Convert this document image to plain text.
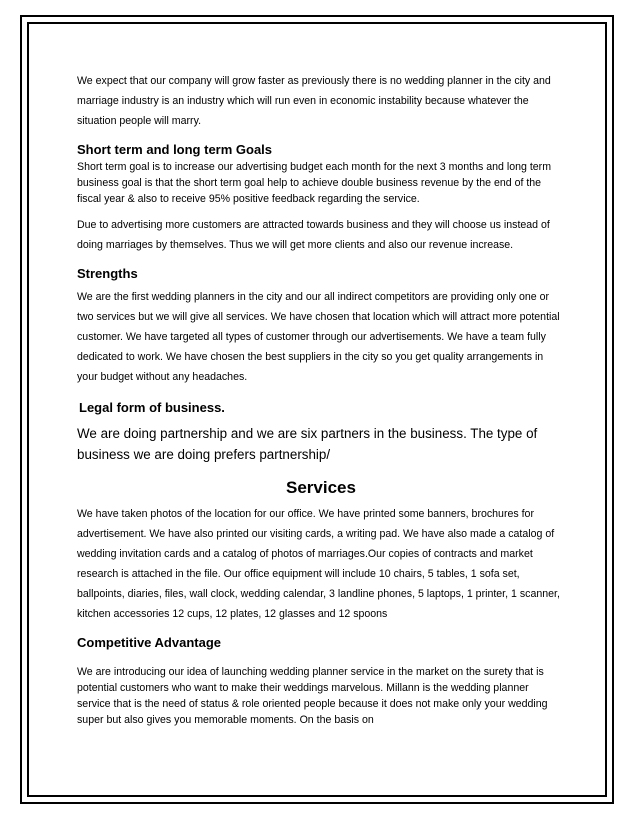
We expect that our company will grow faster as previously there is no wedding planner in the city and marriage industry is an industry which will run even in economic instability because whatever the situation people will marry.

Short term and long term Goals

Short term goal is to increase our advertising budget each month for the next 3 months and long term business goal is that the short term goal help to achieve double business revenue by the end of the fiscal year & also to receive 95% positive feedback regarding the service.

Due to advertising more customers are attracted towards business and they will choose us instead of doing marriages by themselves. Thus we will get more clients and also our revenue increase.

Strengths

We are the first wedding planners in the city and our all indirect competitors are providing only one or two services but we will give all services. We have chosen that location which will attract more potential customer. We have targeted all types of customer through our advertisements. We have a team fully dedicated to work. We have chosen the best suppliers in the city so you get quality arrangements in your budget without any headaches.

Legal form of business.

We are doing partnership and we are six partners in the business. The type of business we are doing prefers partnership/

Services

We have taken photos of the location for our office. We have printed some banners, brochures for advertisement. We have also printed our visiting cards, a writing pad. We have also made a catalog of wedding invitation cards and a catalog of photos of marriages.Our copies of contracts and market research is attached in the file. Our office equipment will include 10 chairs, 5 tables, 1 sofa set, ballpoints, diaries, files, wall clock, wedding calendar, 3 landline phones, 5 laptops, 1 printer, 1 scanner, kitchen accessories 12 cups, 12 plates, 12 glasses and 12 spoons

Competitive Advantage

We are introducing our idea of launching wedding planner service in the market on the surety that is potential customers who want to make their weddings marvelous. Millann is the wedding planner service that is the need of status & role oriented people because it does not make only your wedding super but also gives you memorable moments. On the basis on
